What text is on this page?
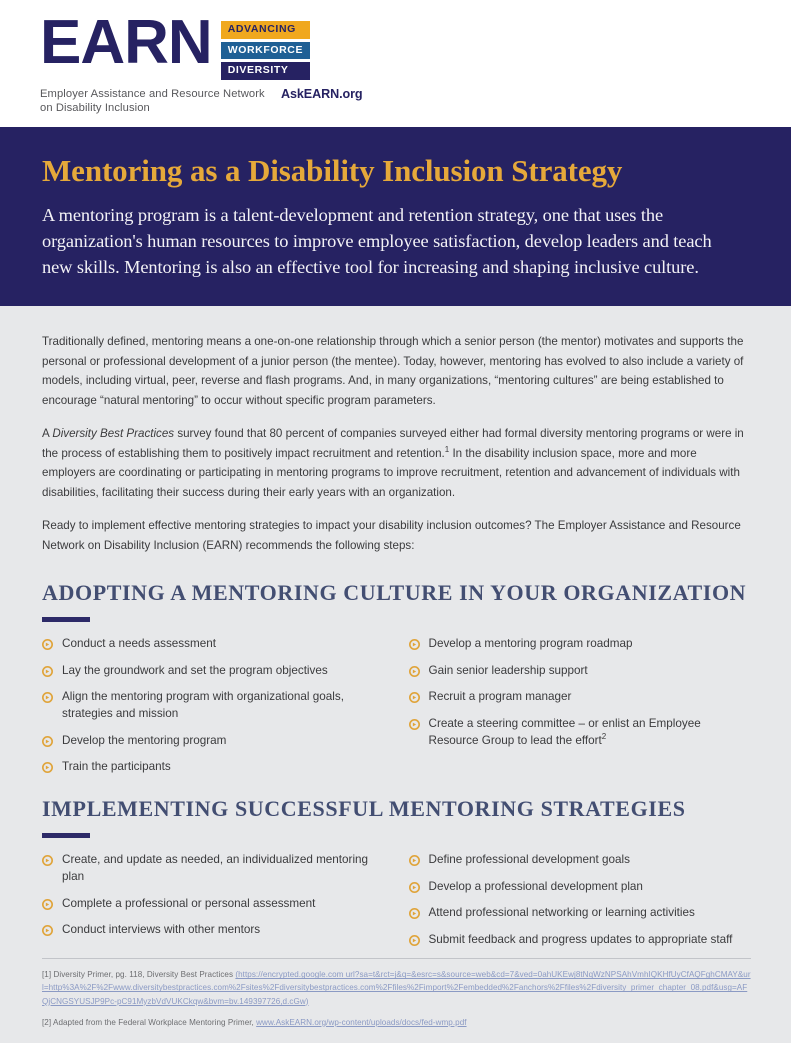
EARN	ADVANCING
WORKFORCE
DIVERSITY
Employer Assistance and Resource Network on Disability Inclusion
AskEARN.org
Mentoring as a Disability Inclusion Strategy

A mentoring program is a talent-development and retention strategy, one that uses the organization's human resources to improve employee satisfaction, develop leaders and teach new skills. Mentoring is also an effective tool for increasing and shaping inclusive culture.

Traditionally defined, mentoring means a one-on-one relationship through which a senior person (the mentor) motivates and supports the personal or professional development of a junior person (the mentee). Today, however, mentoring has evolved to also include a variety of models, including virtual, peer, reverse and flash programs. And, in many organizations, “mentoring cultures” are being established to encourage “natural mentoring” to occur without specific program parameters.

A Diversity Best Practices survey found that 80 percent of companies surveyed either had formal diversity mentoring programs or were in the process of establishing them to positively impact recruitment and retention.$^1$ In the disability inclusion space, more and more employers are coordinating or participating in mentoring programs to improve recruitment, retention and advancement of individuals with disabilities, facilitating their success during their early years with an organization.

Ready to implement effective mentoring strategies to impact your disability inclusion outcomes? The Employer Assistance and Resource Network on Disability Inclusion (EARN) recommends the following steps:

ADOPTING A MENTORING CULTURE IN YOUR ORGANIZATION
Conduct a needs assessment
Lay the groundwork and set the program objectives
Align the mentoring program with organizational goals, strategies and mission
Develop the mentoring program
Train the participants
Develop a mentoring program roadmap
Gain senior leadership support
Recruit a program manager
Create a steering committee – or enlist an Employee Resource Group to lead the effort$^2$
IMPLEMENTING SUCCESSFUL MENTORING STRATEGIES
Create, and update as needed, an individualized mentoring plan
Complete a professional or personal assessment
Conduct interviews with other mentors
Define professional development goals
Develop a professional development plan
Attend professional networking or learning activities
Submit feedback and progress updates to appropriate staff

[1] Diversity Primer, pg. 118, Diversity Best Practices (https://encrypted.google.com url?sa=t&rct=j&q=&esrc=s&source=web&cd=7&ved=0ahUKEwj8tNqWzNPSAhVmhIQKHfUyCfAQFghCMAY&url=http%3A%2F%2Fwww.diversitybestpractices.com%2Fsites%2Fdiversitybestpractices.com%2Ffiles%2Fimport%2Fembedded%2Fanchors%2Ffiles%2Fdiversity_primer_chapter_08.pdf&usg=AFQjCNGSYUSJP9Pc-pC91MyzbVdVUKCkqw&bvm=bv.149397726,d.cGw)

[2] Adapted from the Federal Workplace Mentoring Primer, www.AskEARN.org/wp-content/uploads/docs/fed-wmp.pdf
